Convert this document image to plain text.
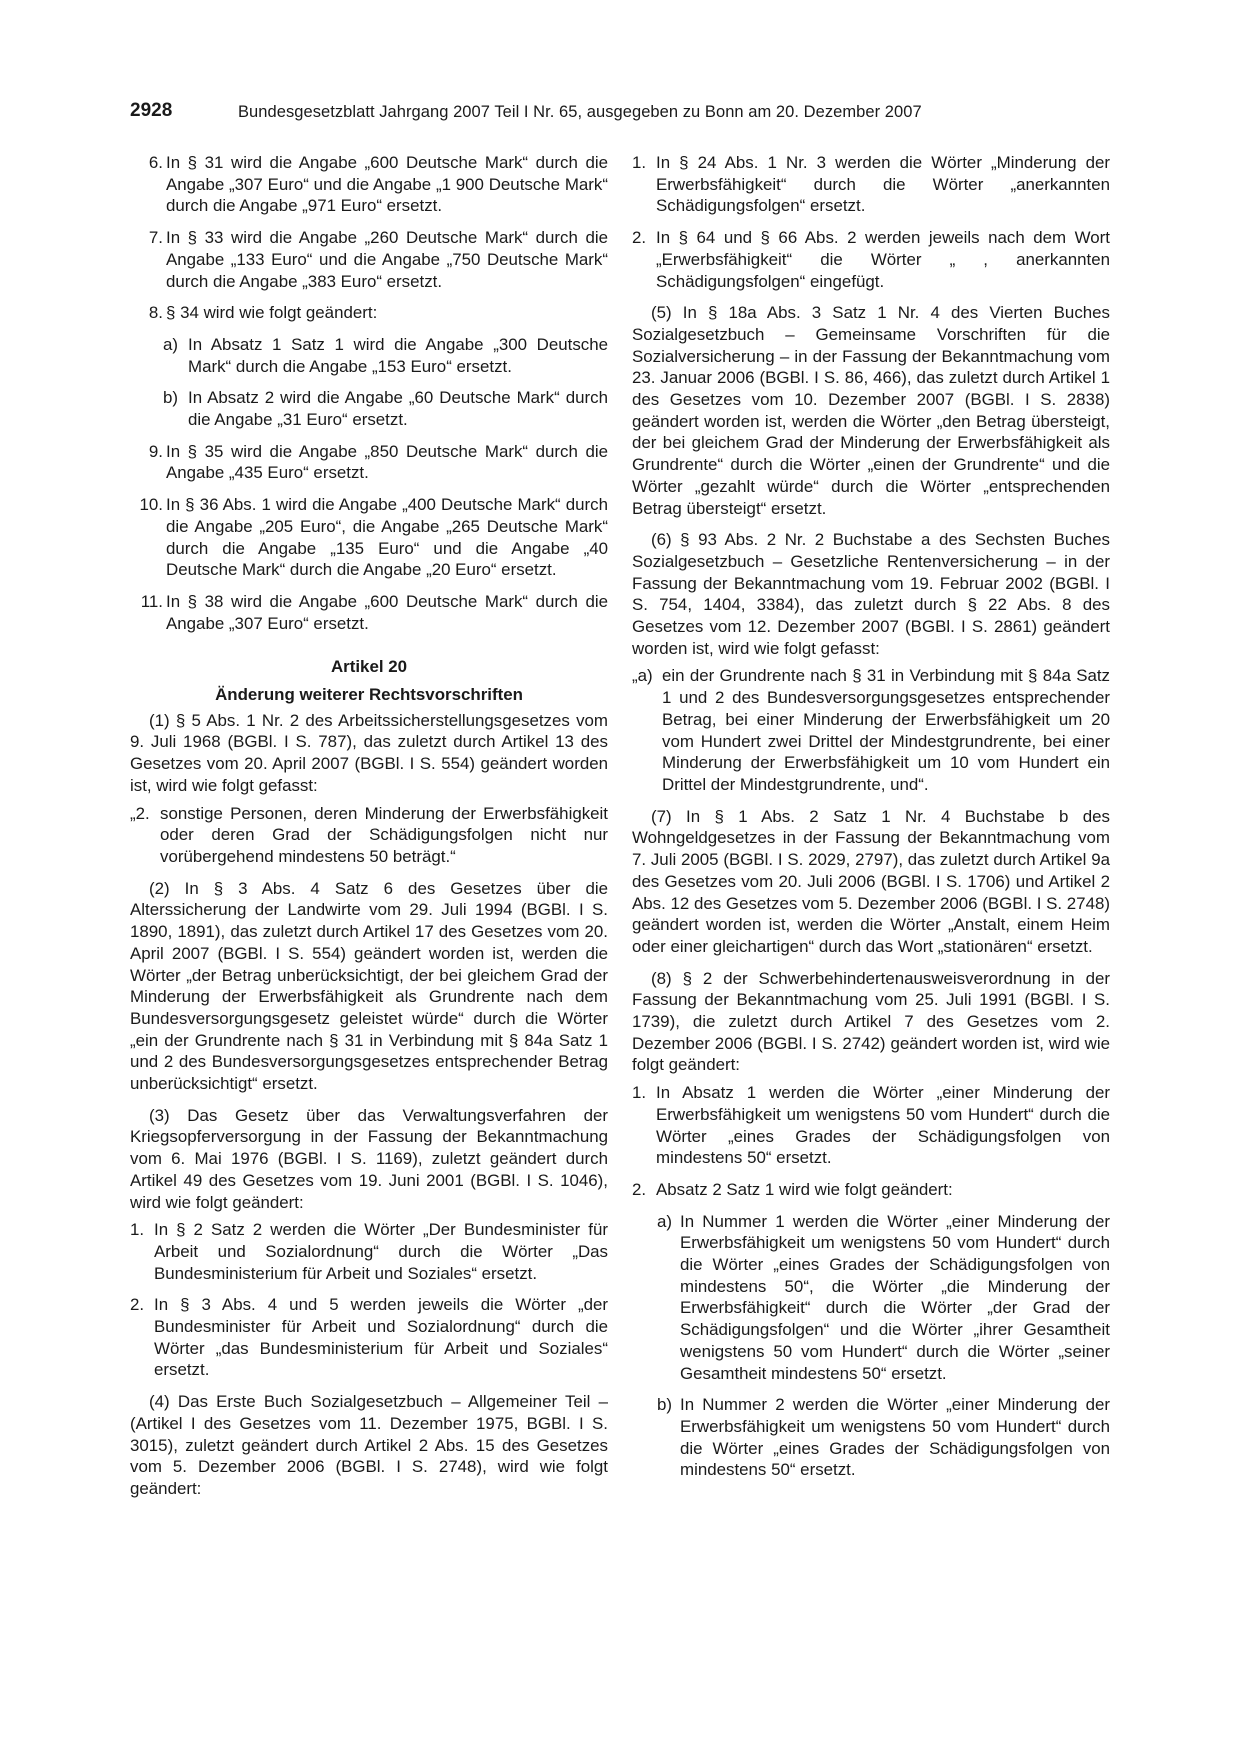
2928	Bundesgesetzblatt Jahrgang 2007 Teil I Nr. 65, ausgegeben zu Bonn am 20. Dezember 2007

6. In § 31 wird die Angabe „600 Deutsche Mark“ durch die Angabe „307 Euro“ und die Angabe „1 900 Deutsche Mark“ durch die Angabe „971 Euro“ ersetzt.

7. In § 33 wird die Angabe „260 Deutsche Mark“ durch die Angabe „133 Euro“ und die Angabe „750 Deutsche Mark“ durch die Angabe „383 Euro“ ersetzt.

8. § 34 wird wie folgt geändert:

a) In Absatz 1 Satz 1 wird die Angabe „300 Deutsche Mark“ durch die Angabe „153 Euro“ ersetzt.

b) In Absatz 2 wird die Angabe „60 Deutsche Mark“ durch die Angabe „31 Euro“ ersetzt.

9. In § 35 wird die Angabe „850 Deutsche Mark“ durch die Angabe „435 Euro“ ersetzt.

10. In § 36 Abs. 1 wird die Angabe „400 Deutsche Mark“ durch die Angabe „205 Euro“, die Angabe „265 Deutsche Mark“ durch die Angabe „135 Euro“ und die Angabe „40 Deutsche Mark“ durch die Angabe „20 Euro“ ersetzt.

11. In § 38 wird die Angabe „600 Deutsche Mark“ durch die Angabe „307 Euro“ ersetzt.

Artikel 20

Änderung weiterer Rechtsvorschriften

(1) § 5 Abs. 1 Nr. 2 des Arbeitssicherstellungsgesetzes vom 9. Juli 1968 (BGBl. I S. 787), das zuletzt durch Artikel 13 des Gesetzes vom 20. April 2007 (BGBl. I S. 554) geändert worden ist, wird wie folgt gefasst:

„2. sonstige Personen, deren Minderung der Erwerbsfähigkeit oder deren Grad der Schädigungsfolgen nicht nur vorübergehend mindestens 50 beträgt.“

(2) In § 3 Abs. 4 Satz 6 des Gesetzes über die Alterssicherung der Landwirte vom 29. Juli 1994 (BGBl. I S. 1890, 1891), das zuletzt durch Artikel 17 des Gesetzes vom 20. April 2007 (BGBl. I S. 554) geändert worden ist, werden die Wörter „der Betrag unberücksichtigt, der bei gleichem Grad der Minderung der Erwerbsfähigkeit als Grundrente nach dem Bundesversorgungsgesetz geleistet würde“ durch die Wörter „ein der Grundrente nach § 31 in Verbindung mit § 84a Satz 1 und 2 des Bundesversorgungsgesetzes entsprechender Betrag unberücksichtigt“ ersetzt.

(3) Das Gesetz über das Verwaltungsverfahren der Kriegsopferversorgung in der Fassung der Bekanntmachung vom 6. Mai 1976 (BGBl. I S. 1169), zuletzt geändert durch Artikel 49 des Gesetzes vom 19. Juni 2001 (BGBl. I S. 1046), wird wie folgt geändert:

1. In § 2 Satz 2 werden die Wörter „Der Bundesminister für Arbeit und Sozialordnung“ durch die Wörter „Das Bundesministerium für Arbeit und Soziales“ ersetzt.

2. In § 3 Abs. 4 und 5 werden jeweils die Wörter „der Bundesminister für Arbeit und Sozialordnung“ durch die Wörter „das Bundesministerium für Arbeit und Soziales“ ersetzt.

(4) Das Erste Buch Sozialgesetzbuch – Allgemeiner Teil – (Artikel I des Gesetzes vom 11. Dezember 1975, BGBl. I S. 3015), zuletzt geändert durch Artikel 2 Abs. 15 des Gesetzes vom 5. Dezember 2006 (BGBl. I S. 2748), wird wie folgt geändert:

1. In § 24 Abs. 1 Nr. 3 werden die Wörter „Minderung der Erwerbsfähigkeit“ durch die Wörter „anerkannten Schädigungsfolgen“ ersetzt.

2. In § 64 und § 66 Abs. 2 werden jeweils nach dem Wort „Erwerbsfähigkeit“ die Wörter „ , anerkannten Schädigungsfolgen“ eingefügt.

(5) In § 18a Abs. 3 Satz 1 Nr. 4 des Vierten Buches Sozialgesetzbuch – Gemeinsame Vorschriften für die Sozialversicherung – in der Fassung der Bekanntmachung vom 23. Januar 2006 (BGBl. I S. 86, 466), das zuletzt durch Artikel 1 des Gesetzes vom 10. Dezember 2007 (BGBl. I S. 2838) geändert worden ist, werden die Wörter „den Betrag übersteigt, der bei gleichem Grad der Minderung der Erwerbsfähigkeit als Grundrente“ durch die Wörter „einen der Grundrente“ und die Wörter „gezahlt würde“ durch die Wörter „entsprechenden Betrag übersteigt“ ersetzt.

(6) § 93 Abs. 2 Nr. 2 Buchstabe a des Sechsten Buches Sozialgesetzbuch – Gesetzliche Rentenversicherung – in der Fassung der Bekanntmachung vom 19. Februar 2002 (BGBl. I S. 754, 1404, 3384), das zuletzt durch § 22 Abs. 8 des Gesetzes vom 12. Dezember 2007 (BGBl. I S. 2861) geändert worden ist, wird wie folgt gefasst:

„a) ein der Grundrente nach § 31 in Verbindung mit § 84a Satz 1 und 2 des Bundesversorgungsgesetzes entsprechender Betrag, bei einer Minderung der Erwerbsfähigkeit um 20 vom Hundert zwei Drittel der Mindestgrundrente, bei einer Minderung der Erwerbsfähigkeit um 10 vom Hundert ein Drittel der Mindestgrundrente, und“.

(7) In § 1 Abs. 2 Satz 1 Nr. 4 Buchstabe b des Wohngeldgesetzes in der Fassung der Bekanntmachung vom 7. Juli 2005 (BGBl. I S. 2029, 2797), das zuletzt durch Artikel 9a des Gesetzes vom 20. Juli 2006 (BGBl. I S. 1706) und Artikel 2 Abs. 12 des Gesetzes vom 5. Dezember 2006 (BGBl. I S. 2748) geändert worden ist, werden die Wörter „Anstalt, einem Heim oder einer gleichartigen“ durch das Wort „stationären“ ersetzt.

(8) § 2 der Schwerbehindertenausweisverordnung in der Fassung der Bekanntmachung vom 25. Juli 1991 (BGBl. I S. 1739), die zuletzt durch Artikel 7 des Gesetzes vom 2. Dezember 2006 (BGBl. I S. 2742) geändert worden ist, wird wie folgt geändert:

1. In Absatz 1 werden die Wörter „einer Minderung der Erwerbsfähigkeit um wenigstens 50 vom Hundert“ durch die Wörter „eines Grades der Schädigungsfolgen von mindestens 50“ ersetzt.

2. Absatz 2 Satz 1 wird wie folgt geändert:

a) In Nummer 1 werden die Wörter „einer Minderung der Erwerbsfähigkeit um wenigstens 50 vom Hundert“ durch die Wörter „eines Grades der Schädigungsfolgen von mindestens 50“, die Wörter „die Minderung der Erwerbsfähigkeit“ durch die Wörter „der Grad der Schädigungsfolgen“ und die Wörter „ihrer Gesamtheit wenigstens 50 vom Hundert“ durch die Wörter „seiner Gesamtheit mindestens 50“ ersetzt.

b) In Nummer 2 werden die Wörter „einer Minderung der Erwerbsfähigkeit um wenigstens 50 vom Hundert“ durch die Wörter „eines Grades der Schädigungsfolgen von mindestens 50“ ersetzt.
